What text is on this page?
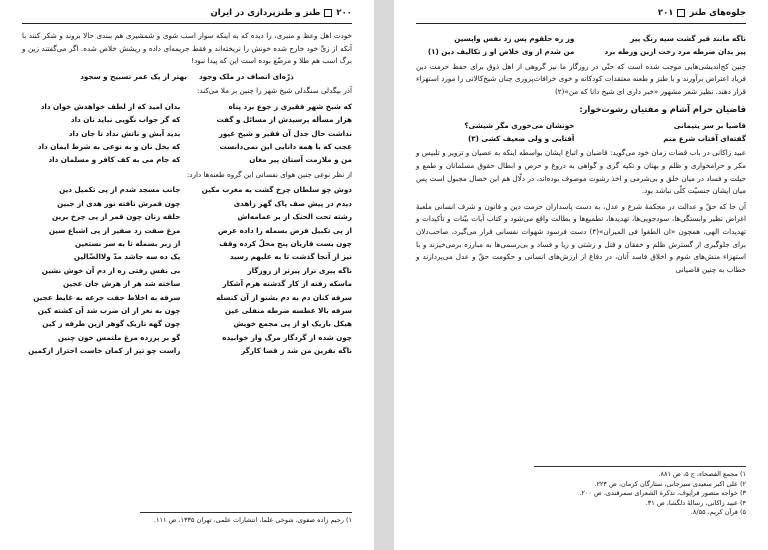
۲۰۰طنز و طنزپردازی در ایران

خودت اهل وعظ و منبری، را دیده که به اینکه سوار اسب شوی و شمشیری هم ببندی حالا بروند و شکر کنند با آنکه از زیِّ خود خارج شده خونش را نریخته‌اند و فقط جریمه‌ای داده و ریشش خلاص شده. اگر می‌گفتند زین و برگ اسب هم طلا و مرضّع بوده است این که پیدا نبود!

ذرّه‌ای انصاف در ملک وجود
بهتر از یک عمر تسبیح و سجود

آذر بیگدلی سنگدلی شیخ شهر را چنین بر ملا می‌کند:

که شیخ شهر فقیری ز جوع برد پناه
بدان امید که از لطف خواهدش خوان داد
هزار مسأله پرسیدش از مسائل و گفت
که گر جواب نگویی نباید نان داد
نداشت حال جدل آن فقیر و شیخ غیور
بدید آبش و ناتش نداد تا جان داد
عجب که با همه دانایی این نمی‌دانست
که بخل نان و به نوعی به شرط ایمان داد
من و ملازمت آستان پیر مغان
که جام می به کف کافر و مسلمان داد

از نظر نوعی جنین هوای نفسانی این گروه طعنه‌ها دارد:

دوش چو سلطان چرخ گشت به مغرب مکین
جانب مسجد شدم از پی تکمیل دین
دیدم در پیش صف پاک گهر زاهدی
چون قمرش تافته نور هدی از جبین
رشته تحت الحنک از بر عمامه‌اش
حلقه زنان چون قمر از پی چرخ برین
از پی تکبیل فرض بسمله را داده عرض
مرغ صفت زد صفیر از پی اشباع سین
چون بست قاریان پنج محلّ کرده وقف
از زبر بسمله تا به سر نستعین
نیز از آنجا گذشت تا به علیهم رسید
یک ده سه جاشد مدّ ولاالضّالین
ناگه پیری نزار پیرتر از روزگار
بی نفس رفتی ره از دم آن خوش نشین
ماسکه زفته از کار گذشته هرم آشکار
ساخته شد هر از هرش جان عجین
سرفه کنان دم به دم بشنو از آن کنسله
سرفه به اخلاط جفت جرعه به غایط عجین
سرفه بالا عطسه ضرطه منفلی عین
چون به نغر از ان ضرب شد آن کشته کین
هیکل باریک او از پی مجمع خویش
چون گهه تاریک گوهر ازین طرفه ز کین
چون شده از گردگار مرگ وار خوابیده
گو بر پرزده مرغ ملتمس خون چنین
ناگه نفرین من شد ز قضا کارگر
راست چو تیر از کمان خاست احتراز ازکمین
۱) رحیم زاده صفوی، شوخی علما، انتشارات علمی، تهران ۱۳۳۵، ص ۱۱۱.
جلوه‌های طنز۲۰۱
ناگه مانند قیر گشت سیه رنگ پیر
وز ره حلقوم پس زد نفس واپسین
پیر بدان ضرطه مرد رخت ازین ورطه برد
من شدم از وی خلاص او ز تکالیف دین (۱)

چنین کج‌اندیشی‌هایی موجب شده است که حتّی در روزگار ما نیز گروهی از اهل ذوق برای حفظ حرمت دین فریاد اعتراض برآورند و با طنز و طعنه معتقدات کودکانه و خوی خرافات‌پروری چنان شیخ‌کالانی را مورد استهزاء قرار دهند. نظیر شعر مشهور «خبر داری ای شیخ دانا که من»(۲)

قاضیان حرام آشام و مفتیان رشوت‌خوار:
قاضیا بر سر یتیمانی
خونشان می‌خوری مگر شیشی؟
گفته‌ای آفتاب شرع منم
آفتابی و ولی ضعیف کشی (۳)

عبید زاکانی در باب قضات زمان خود می‌گوید: قاضیان و اتباع ایشان بواسطه اینکه به عصیان و تزویر و تلبیس و مکر و حرامخواری و ظلم و بهتان و تکیه گری و گواهی به دروغ و حرص و ابطال حقوق مسلمانان و طمع و حیلت و فساد در میان خلق و بی‌شرمی و اخذ رشوت موصوف بوده‌اند، در دلّال هم این خصال مجبول است پس میان ایشان جنسیّت کلّی نباشد بود.

آن جا که حقّ و عدالت در محکمهٔ شرع و عدل، به دست پاسداران حرمت دین و قانون و شرف انسانی ملعبهٔ اغراض نظیر وابستگی‌ها، سودجویی‌ها، تهدیدها، تطمیع‌ها و بطالت واقع می‌شود و کتاب آیات بیّنات و تأکیدات و تهدیدات الهی، همچون «ان الطغوا فی المیزان»(۴) دست فرسود شهوات نفسانی قرار می‌گیرد، صاحب‌دلان برای جلوگیری از گسترش ظلم و خفقان و قتل و زشتی و ریا و فساد و بی‌رسمی‌ها به مبارزه برمی‌خیزند و با استهزاء منش‌های شوم و اخلاق فاسد آنان، در دفاع از ارزش‌های انسانی و حکومت حقّ و عدل می‌پردازند و خطاب به چنین قاضیانی

۱) مجمع الفصحاء، ج ۵، ص ۸۸۱.
۲) علی اکبر سعیدی سیرجانی، ستارگان کرمان، ص ۲۲۴.
۳) خواجه منصور قراپوف، تذکرة الشعرای سمرقندی، ص ۲۰۰.
۴) عبید زاکانی، رسالهٔ دلگشا، ص ۳۱.
۵) قرآن کریم، ۸/۵۵.
